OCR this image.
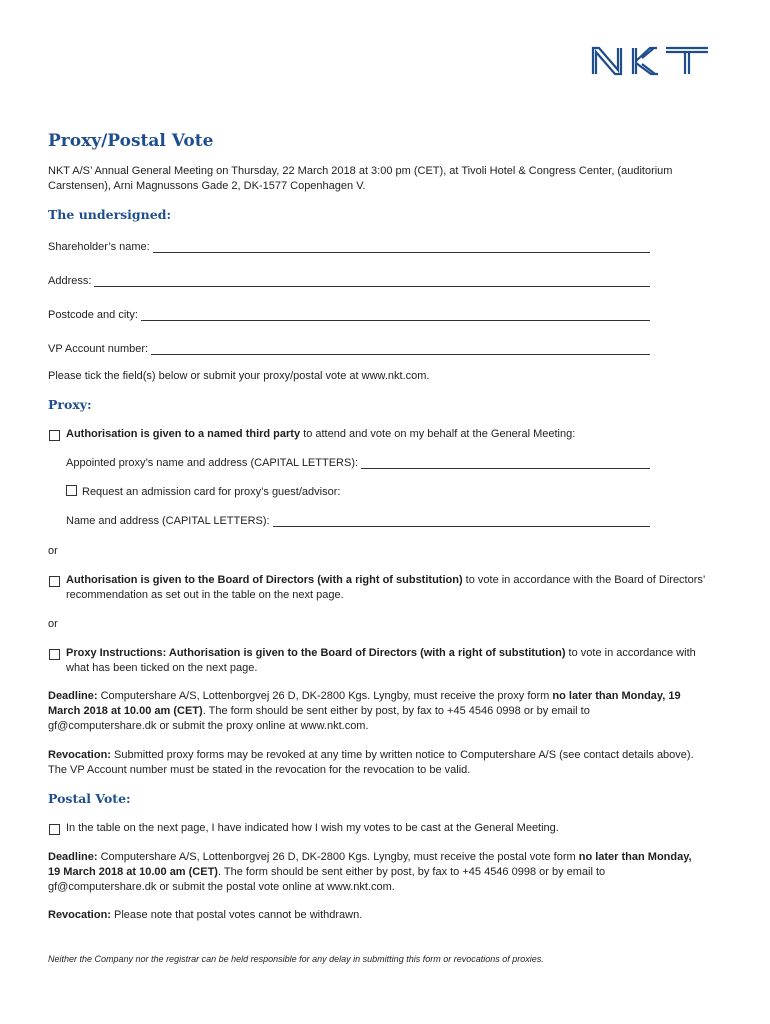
Proxy/Postal Vote
NKT A/S’ Annual General Meeting on Thursday, 22 March 2018 at 3:00 pm (CET), at Tivoli Hotel & Congress Center, (auditorium Carstensen), Arni Magnussons Gade 2, DK-1577 Copenhagen V.
The undersigned:
Shareholder’s name:
Address:
Postcode and city:
VP Account number:
Please tick the field(s) below or submit your proxy/postal vote at www.nkt.com.
Proxy:
Authorisation is given to a named third party to attend and vote on my behalf at the General Meeting:
Appointed proxy’s name and address (CAPITAL LETTERS):
Request an admission card for proxy’s guest/advisor:
Name and address (CAPITAL LETTERS):
or
Authorisation is given to the Board of Directors (with a right of substitution) to vote in accordance with the Board of Directors’ recommendation as set out in the table on the next page.
or
Proxy Instructions: Authorisation is given to the Board of Directors (with a right of substitution) to vote in accordance with what has been ticked on the next page.
Deadline: Computershare A/S, Lottenborgvej 26 D, DK-2800 Kgs. Lyngby, must receive the proxy form no later than Monday, 19 March 2018 at 10.00 am (CET). The form should be sent either by post, by fax to +45 4546 0998 or by email to gf@computershare.dk or submit the proxy online at www.nkt.com.
Revocation: Submitted proxy forms may be revoked at any time by written notice to Computershare A/S (see contact details above). The VP Account number must be stated in the revocation for the revocation to be valid.
Postal Vote:
In the table on the next page, I have indicated how I wish my votes to be cast at the General Meeting.
Deadline: Computershare A/S, Lottenborgvej 26 D, DK-2800 Kgs. Lyngby, must receive the postal vote form no later than Monday, 19 March 2018 at 10.00 am (CET). The form should be sent either by post, by fax to +45 4546 0998 or by email to gf@computershare.dk or submit the postal vote online at www.nkt.com.
Revocation: Please note that postal votes cannot be withdrawn.
Neither the Company nor the registrar can be held responsible for any delay in submitting this form or revocations of proxies.
